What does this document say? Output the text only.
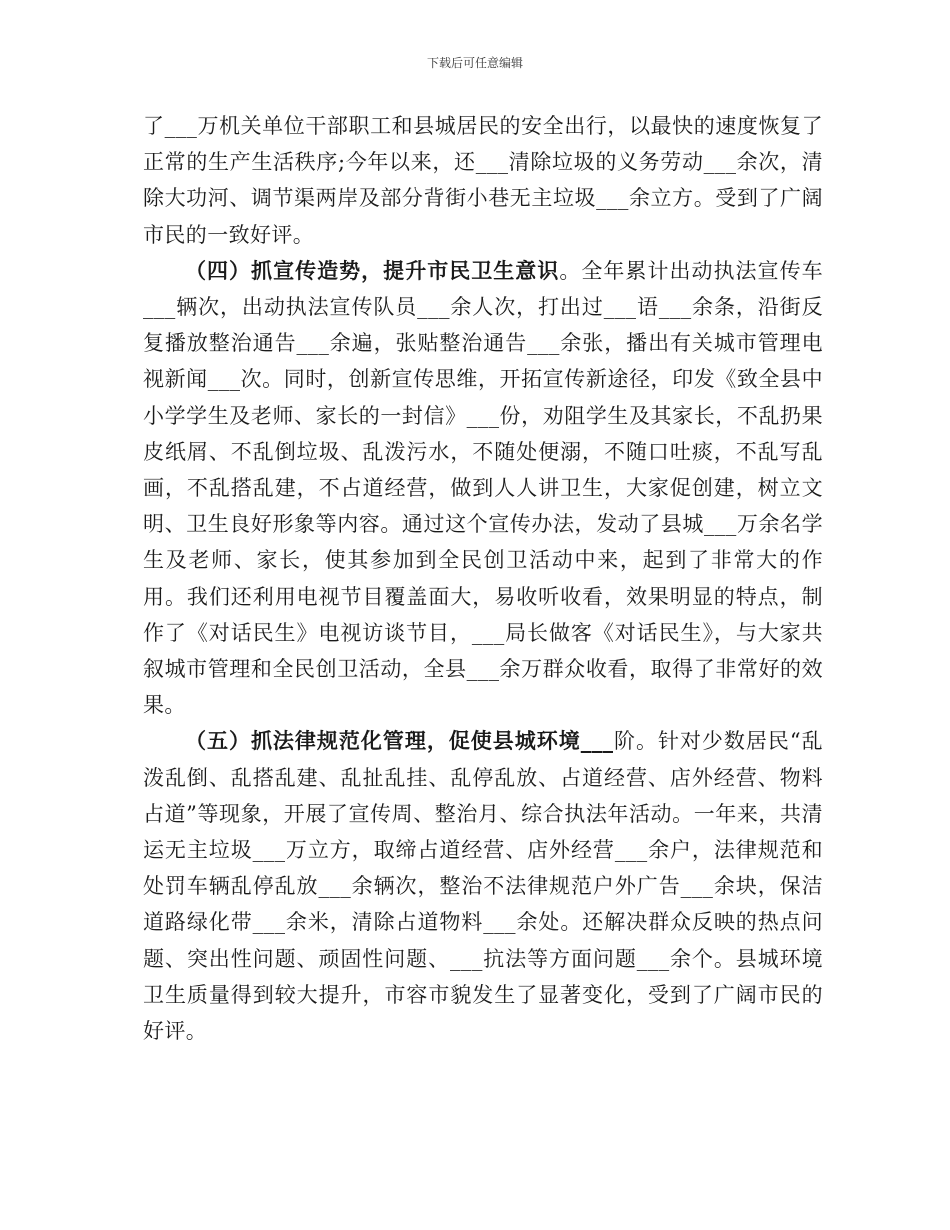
下载后可任意编辑

了___万机关单位干部职工和县城居民的安全出行，以最快的速度恢复了正常的生产生活秩序;今年以来，还___清除垃圾的义务劳动___余次，清除大功河、调节渠两岸及部分背街小巷无主垃圾___余立方。受到了广阔市民的一致好评。

（四）抓宣传造势，提升市民卫生意识。全年累计出动执法宣传车___辆次，出动执法宣传队员___余人次，打出过___语___余条，沿街反复播放整治通告___余遍，张贴整治通告___余张，播出有关城市管理电视新闻___次。同时，创新宣传思维，开拓宣传新途径，印发《致全县中小学学生及老师、家长的一封信》___份，劝阻学生及其家长，不乱扔果皮纸屑、不乱倒垃圾、乱泼污水，不随处便溺，不随口吐痰，不乱写乱画，不乱搭乱建，不占道经营，做到人人讲卫生，大家促创建，树立文明、卫生良好形象等内容。通过这个宣传办法，发动了县城___万余名学生及老师、家长，使其参加到全民创卫活动中来，起到了非常大的作用。我们还利用电视节目覆盖面大，易收听收看，效果明显的特点，制作了《对话民生》电视访谈节目，___局长做客《对话民生》，与大家共叙城市管理和全民创卫活动，全县___余万群众收看，取得了非常好的效果。

（五）抓法律规范化管理，促使县城环境___阶。针对少数居民“乱泼乱倒、乱搭乱建、乱扯乱挂、乱停乱放、占道经营、店外经营、物料占道”等现象，开展了宣传周、整治月、综合执法年活动。一年来，共清运无主垃圾___万立方，取缔占道经营、店外经营___余户，法律规范和处罚车辆乱停乱放___余辆次，整治不法律规范户外广告___余块，保洁道路绿化带___余米，清除占道物料___余处。还解决群众反映的热点问题、突出性问题、顽固性问题、___抗法等方面问题___余个。县城环境卫生质量得到较大提升，市容市貌发生了显著变化，受到了广阔市民的好评。
